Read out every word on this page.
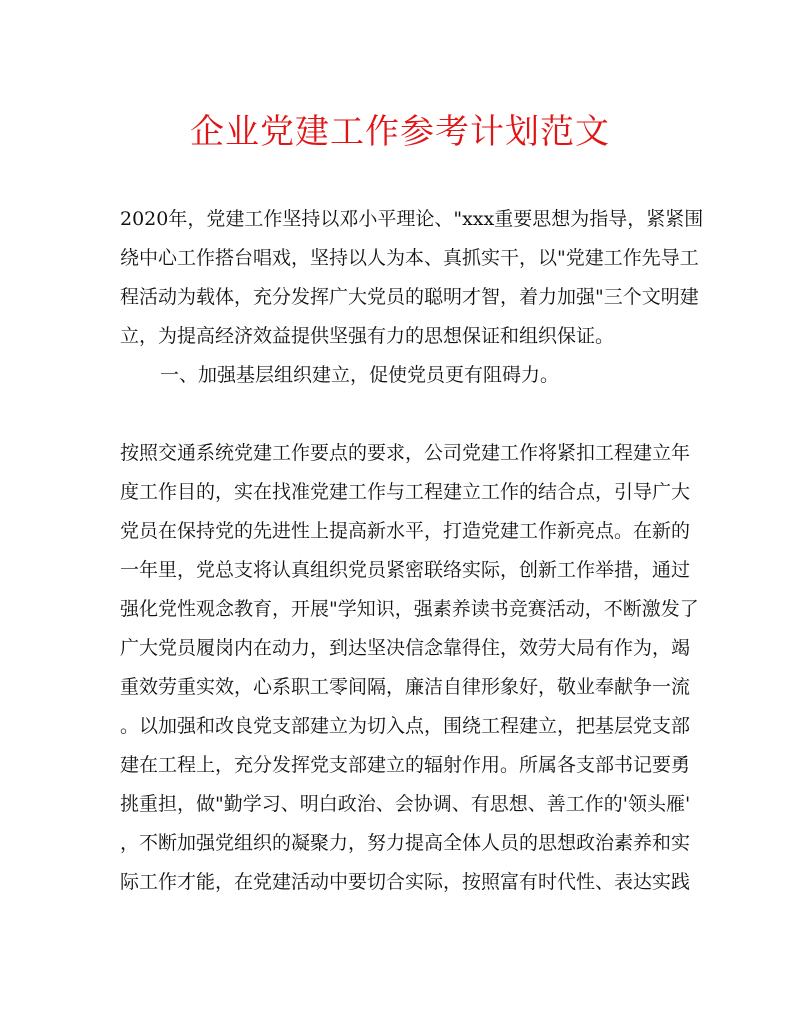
企业党建工作参考计划范文

2020年，党建工作坚持以邓小平理论、"xxx重要思想为指导，紧紧围

绕中心工作搭台唱戏，坚持以人为本、真抓实干，以"党建工作先导工

程活动为载体，充分发挥广大党员的聪明才智，着力加强"三个文明建

立，为提高经济效益提供坚强有力的思想保证和组织保证。

一、加强基层组织建立，促使党员更有阻碍力。

按照交通系统党建工作要点的要求，公司党建工作将紧扣工程建立年

度工作目的，实在找准党建工作与工程建立工作的结合点，引导广大

党员在保持党的先进性上提高新水平，打造党建工作新亮点。在新的

一年里，党总支将认真组织党员紧密联络实际，创新工作举措，通过

强化党性观念教育，开展"学知识，强素养读书竞赛活动，不断激发了

广大党员履岗内在动力，到达坚决信念靠得住，效劳大局有作为，竭

重效劳重实效，心系职工零间隔，廉洁自律形象好，敬业奉献争一流

。以加强和改良党支部建立为切入点，围绕工程建立，把基层党支部

建在工程上，充分发挥党支部建立的辐射作用。所属各支部书记要勇

挑重担，做"勤学习、明白政治、会协调、有思想、善工作的'领头雁'

，不断加强党组织的凝聚力，努力提高全体人员的思想政治素养和实

际工作才能，在党建活动中要切合实际，按照富有时代性、表达实践
